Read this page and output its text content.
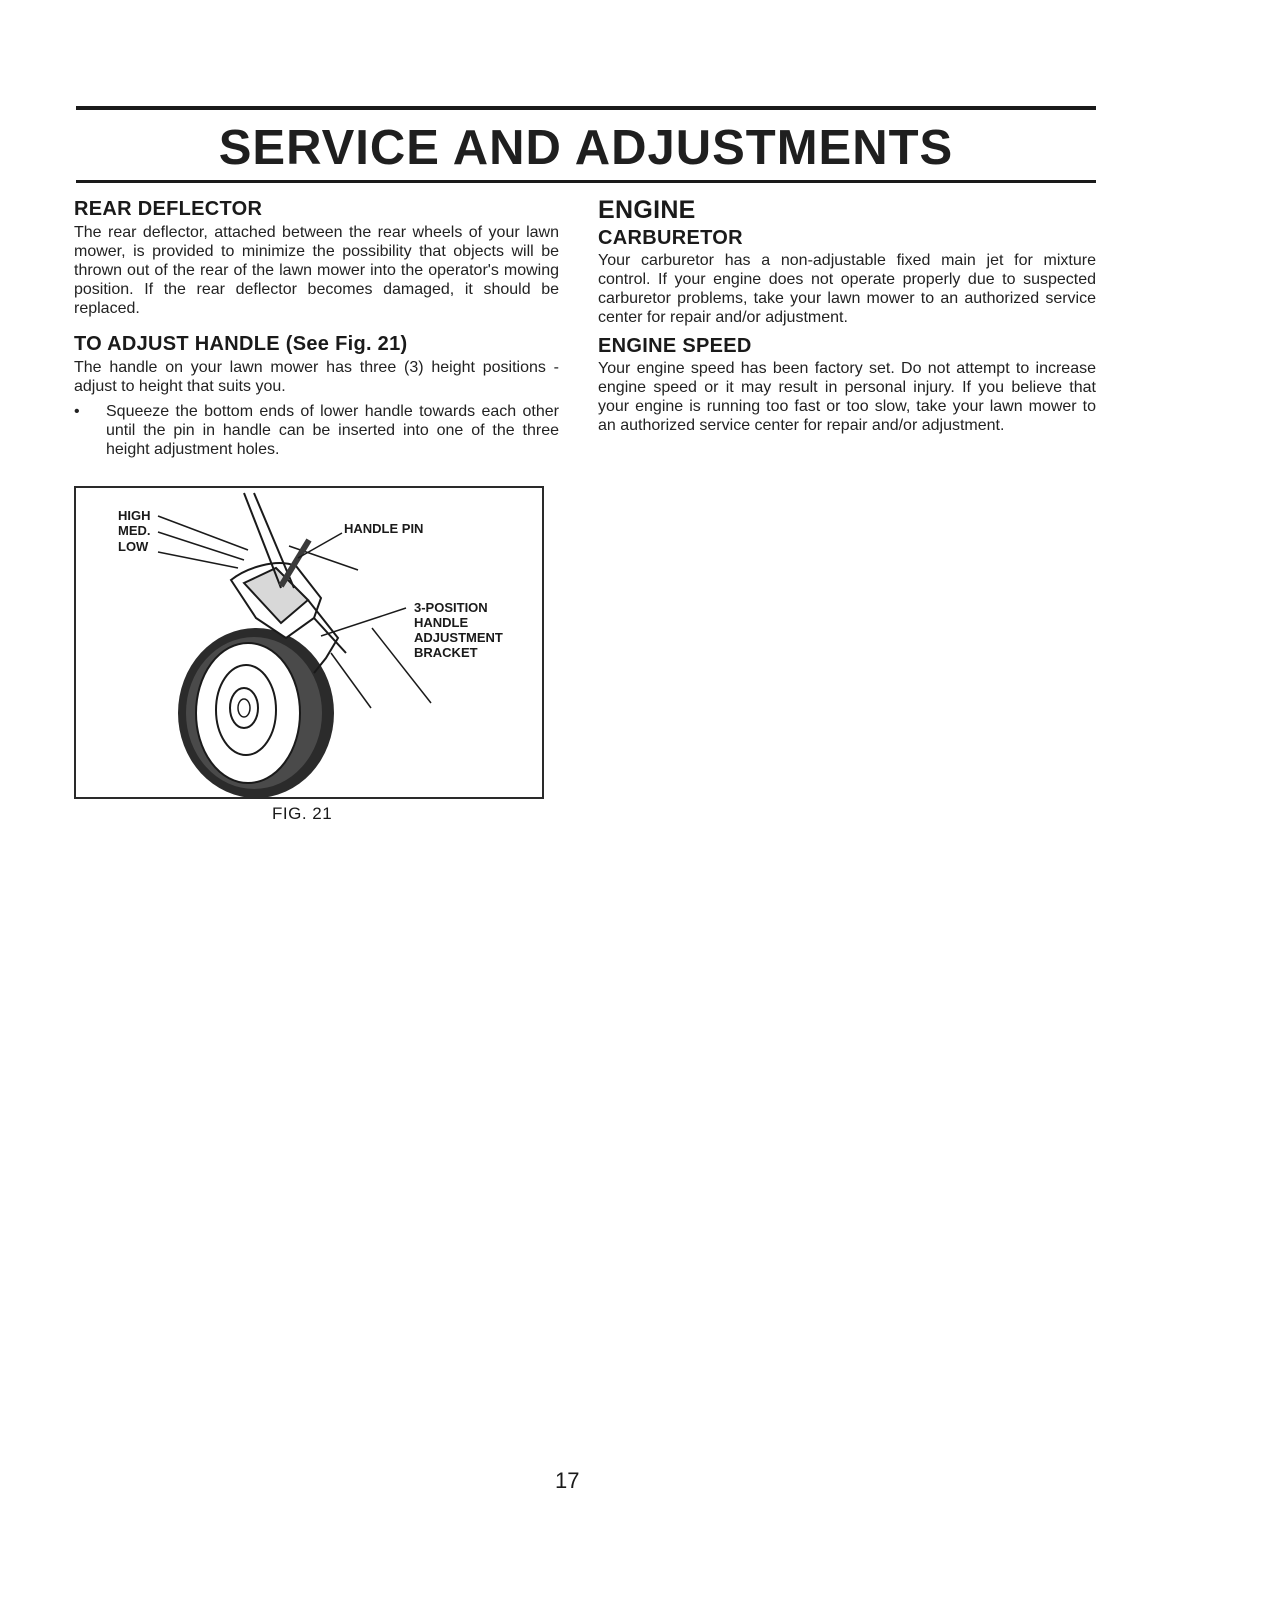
SERVICE AND ADJUSTMENTS
REAR DEFLECTOR

The rear deflector, attached between the rear wheels of your lawn mower, is provided to minimize the possibility that objects will be thrown out of the rear of the lawn mower into the operator's mowing position. If the rear deflector becomes damaged, it should be replaced.

TO ADJUST HANDLE (See Fig. 21)

The handle on your lawn mower has three (3) height positions - adjust to height that suits you.

• Squeeze the bottom ends of lower handle towards each other until the pin in handle can be inserted into one of the three height adjustment holes.
HIGH
MED.
LOW
HANDLE PIN
3-POSITION
HANDLE
ADJUSTMENT
BRACKET
FIG. 21
ENGINE
CARBURETOR

Your carburetor has a non-adjustable fixed main jet for mixture control. If your engine does not operate properly due to suspected carburetor problems, take your lawn mower to an authorized service center for repair and/or adjustment.

ENGINE SPEED

Your engine speed has been factory set. Do not attempt to increase engine speed or it may result in personal injury. If you believe that your engine is running too fast or too slow, take your lawn mower to an authorized service center for repair and/or adjustment.

17
